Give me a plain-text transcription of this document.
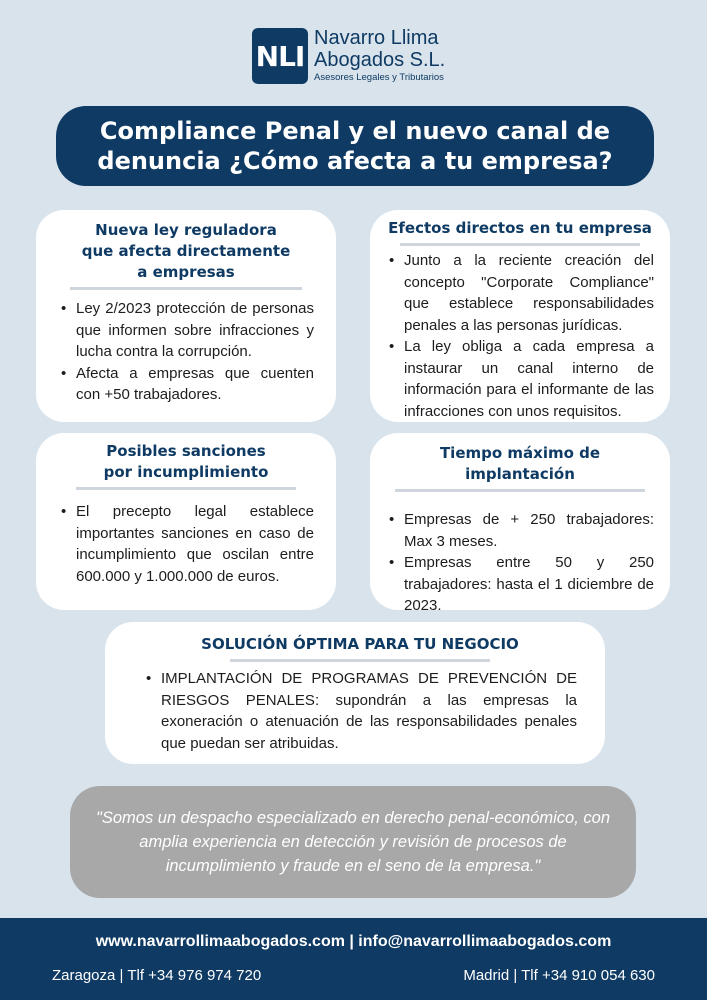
NLI
Navarro Llima
Abogados S.L.
Asesores Legales y Tributarios
Compliance Penal y el nuevo canal de
denuncia ¿Cómo afecta a tu empresa?
Nueva ley reguladora
que afecta directamente
a empresas
• Ley 2/2023 protección de personas que informen sobre infracciones y lucha contra la corrupción.
• Afecta a empresas que cuenten con +50 trabajadores.
Efectos directos en tu empresa
• Junto a la reciente creación del concepto "Corporate Compliance" que establece responsabilidades penales a las personas jurídicas.
• La ley obliga a cada empresa a instaurar un canal interno de información para el informante de las infracciones con unos requisitos.
Posibles sanciones
por incumplimiento
• El precepto legal establece importantes sanciones en caso de incumplimiento que oscilan entre 600.000 y 1.000.000 de euros.
Tiempo máximo de implantación
• Empresas de + 250 trabajadores: Max 3 meses.
• Empresas entre 50 y 250 trabajadores: hasta el 1 diciembre de 2023.
SOLUCIÓN ÓPTIMA PARA TU NEGOCIO
• IMPLANTACIÓN DE PROGRAMAS DE PREVENCIÓN DE RIESGOS PENALES: supondrán a las empresas la exoneración o atenuación de las responsabilidades penales que puedan ser atribuidas.
"Somos un despacho especializado en derecho penal-económico, con amplia experiencia en detección y revisión de procesos de incumplimiento y fraude en el seno de la empresa."
www.navarrollimaabogados.com | info@navarrollimaabogados.com
Zaragoza | Tlf +34 976 974 720	Madrid | Tlf +34 910 054 630
